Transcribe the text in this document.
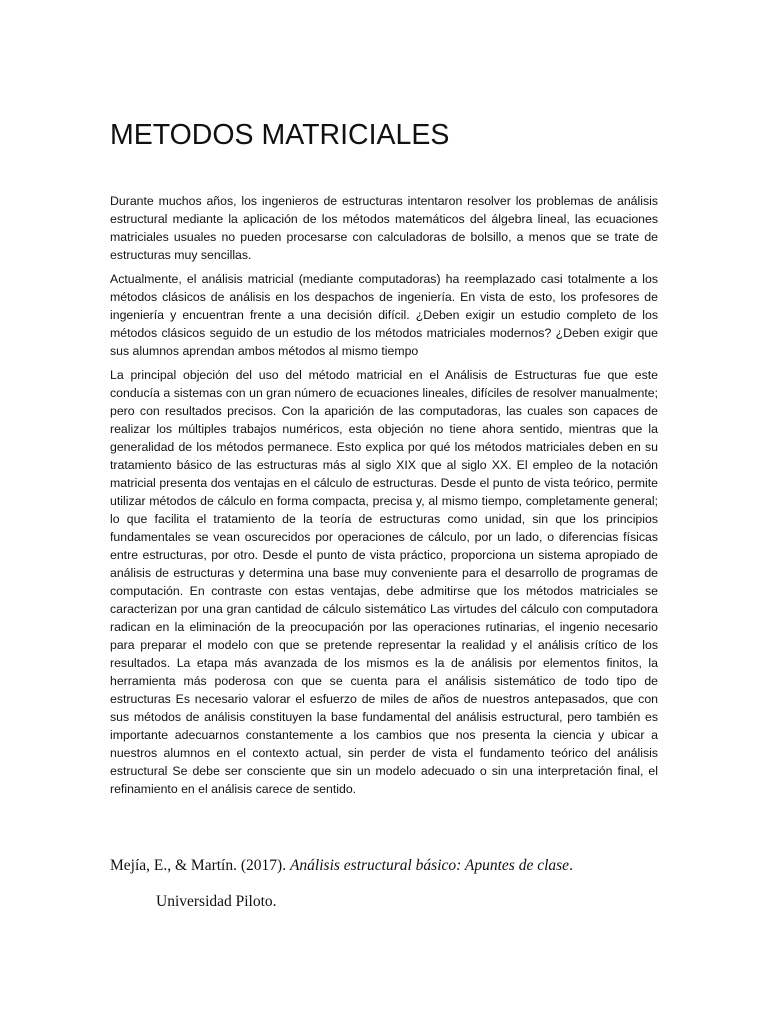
METODOS MATRICIALES

Durante muchos años, los ingenieros de estructuras intentaron resolver los problemas de análisis estructural mediante la aplicación de los métodos matemáticos del álgebra lineal, las ecuaciones matriciales usuales no pueden procesarse con calculadoras de bolsillo, a menos que se trate de estructuras muy sencillas.

Actualmente, el análisis matricial (mediante computadoras) ha reemplazado casi totalmente a los métodos clásicos de análisis en los despachos de ingeniería. En vista de esto, los profesores de ingeniería y encuentran frente a una decisión difícil. ¿Deben exigir un estudio completo de los métodos clásicos seguido de un estudio de los métodos matriciales modernos? ¿Deben exigir que sus alumnos aprendan ambos métodos al mismo tiempo

La principal objeción del uso del método matricial en el Análisis de Estructuras fue que este conducía a sistemas con un gran número de ecuaciones lineales, difíciles de resolver manualmente; pero con resultados precisos. Con la aparición de las computadoras, las cuales son capaces de realizar los múltiples trabajos numéricos, esta objeción no tiene ahora sentido, mientras que la generalidad de los métodos permanece. Esto explica por qué los métodos matriciales deben en su tratamiento básico de las estructuras más al siglo XIX que al siglo XX. El empleo de la notación matricial presenta dos ventajas en el cálculo de estructuras. Desde el punto de vista teórico, permite utilizar métodos de cálculo en forma compacta, precisa y, al mismo tiempo, completamente general; lo que facilita el tratamiento de la teoría de estructuras como unidad, sin que los principios fundamentales se vean oscurecidos por operaciones de cálculo, por un lado, o diferencias físicas entre estructuras, por otro. Desde el punto de vista práctico, proporciona un sistema apropiado de análisis de estructuras y determina una base muy conveniente para el desarrollo de programas de computación. En contraste con estas ventajas, debe admitirse que los métodos matriciales se caracterizan por una gran cantidad de cálculo sistemático Las virtudes del cálculo con computadora radican en la eliminación de la preocupación por las operaciones rutinarias, el ingenio necesario para preparar el modelo con que se pretende representar la realidad y el análisis crítico de los resultados. La etapa más avanzada de los mismos es la de análisis por elementos finitos, la herramienta más poderosa con que se cuenta para el análisis sistemático de todo tipo de estructuras Es necesario valorar el esfuerzo de miles de años de nuestros antepasados, que con sus métodos de análisis constituyen la base fundamental del análisis estructural, pero también es importante adecuarnos constantemente a los cambios que nos presenta la ciencia y ubicar a nuestros alumnos en el contexto actual, sin perder de vista el fundamento teórico del análisis estructural Se debe ser consciente que sin un modelo adecuado o sin una interpretación final, el refinamiento en el análisis carece de sentido.

Mejía, E., & Martín. (2017). Análisis estructural básico: Apuntes de clase.
Universidad Piloto.
